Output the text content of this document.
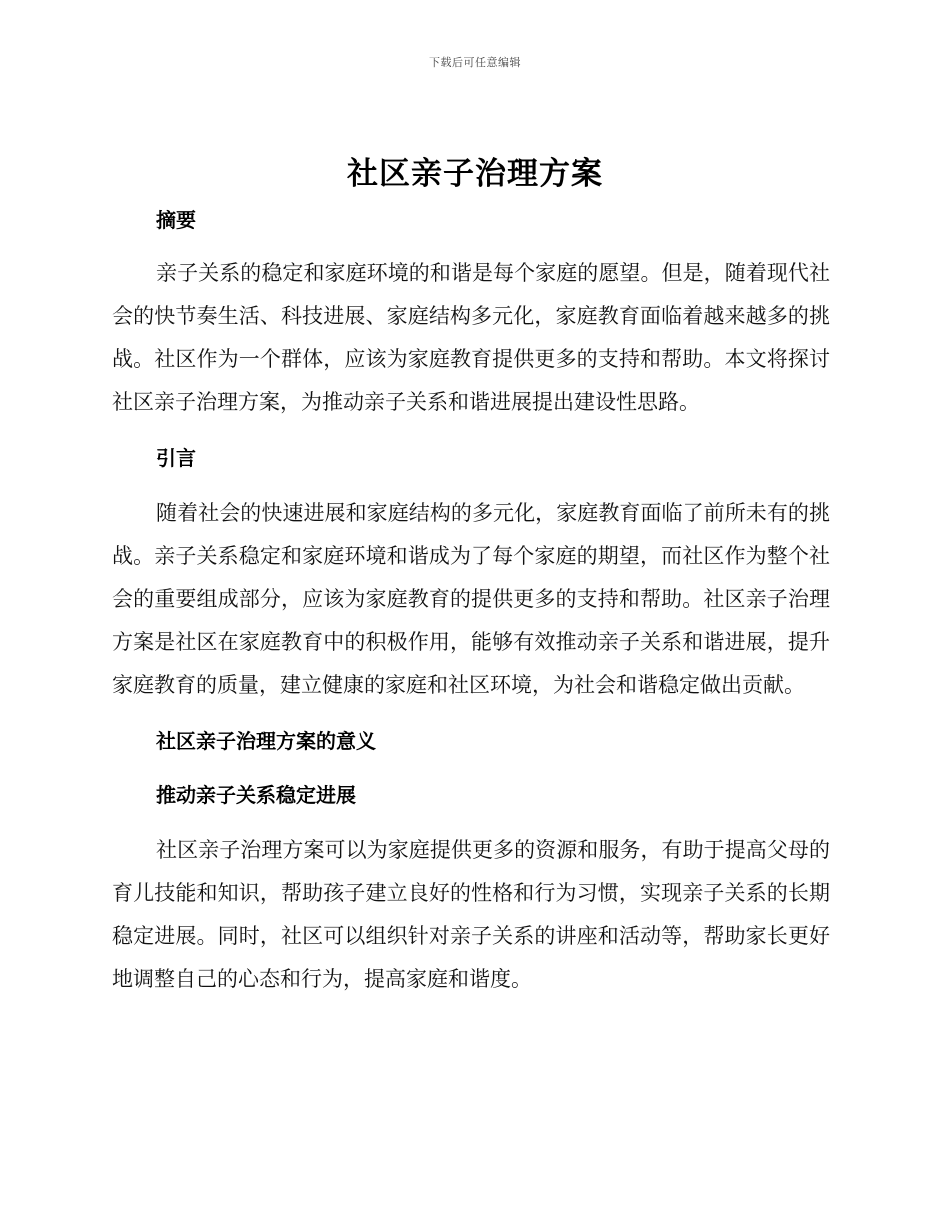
下载后可任意编辑
社区亲子治理方案

摘要

亲子关系的稳定和家庭环境的和谐是每个家庭的愿望。但是，随着现代社会的快节奏生活、科技进展、家庭结构多元化，家庭教育面临着越来越多的挑战。社区作为一个群体，应该为家庭教育提供更多的支持和帮助。本文将探讨社区亲子治理方案，为推动亲子关系和谐进展提出建设性思路。

引言

随着社会的快速进展和家庭结构的多元化，家庭教育面临了前所未有的挑战。亲子关系稳定和家庭环境和谐成为了每个家庭的期望，而社区作为整个社会的重要组成部分，应该为家庭教育的提供更多的支持和帮助。社区亲子治理方案是社区在家庭教育中的积极作用，能够有效推动亲子关系和谐进展，提升家庭教育的质量，建立健康的家庭和社区环境，为社会和谐稳定做出贡献。

社区亲子治理方案的意义

推动亲子关系稳定进展

社区亲子治理方案可以为家庭提供更多的资源和服务，有助于提高父母的育儿技能和知识，帮助孩子建立良好的性格和行为习惯，实现亲子关系的长期稳定进展。同时，社区可以组织针对亲子关系的讲座和活动等，帮助家长更好地调整自己的心态和行为，提高家庭和谐度。
